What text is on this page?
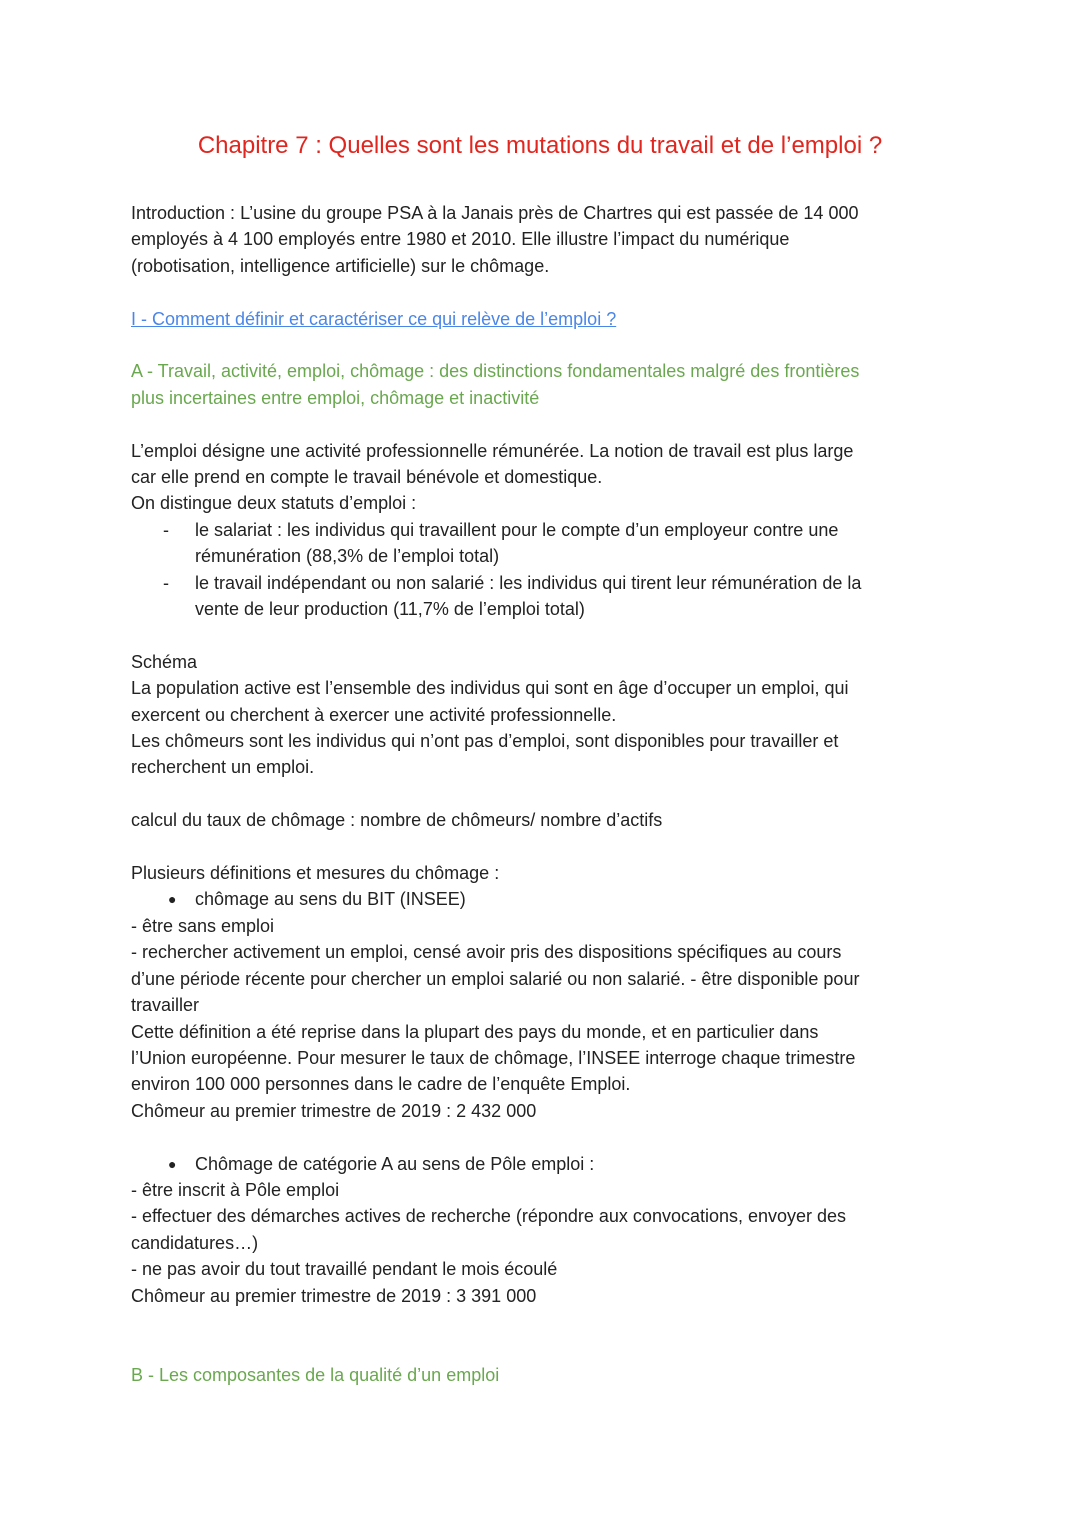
Chapitre 7 : Quelles sont les mutations du travail et de l’emploi ?

Introduction : L’usine du groupe PSA à la Janais près de Chartres qui est passée de 14 000

employés à 4 100 employés entre 1980 et 2010. Elle illustre l’impact du numérique

(robotisation, intelligence artificielle) sur le chômage.

I - Comment définir et caractériser ce qui relève de l’emploi ?

A - Travail, activité, emploi, chômage : des distinctions fondamentales malgré des frontières

plus incertaines entre emploi, chômage et inactivité

L’emploi désigne une activité professionnelle rémunérée. La notion de travail est plus large

car elle prend en compte le travail bénévole et domestique.

On distingue deux statuts d’emploi :

- le salariat : les individus qui travaillent pour le compte d’un employeur contre une
rémunération (88,3% de l’emploi total)
- le travail indépendant ou non salarié : les individus qui tirent leur rémunération de la
vente de leur production (11,7% de l’emploi total)

Schéma

La population active est l’ensemble des individus qui sont en âge d’occuper un emploi, qui

exercent ou cherchent à exercer une activité professionnelle.

Les chômeurs sont les individus qui n’ont pas d’emploi, sont disponibles pour travailler et

recherchent un emploi.

calcul du taux de chômage : nombre de chômeurs/ nombre d’actifs

Plusieurs définitions et mesures du chômage :

● chômage au sens du BIT (INSEE)

- être sans emploi

- rechercher activement un emploi, censé avoir pris des dispositions spécifiques au cours

d’une période récente pour chercher un emploi salarié ou non salarié. - être disponible pour

travailler

Cette définition a été reprise dans la plupart des pays du monde, et en particulier dans

l’Union européenne. Pour mesurer le taux de chômage, l’INSEE interroge chaque trimestre

environ 100 000 personnes dans le cadre de l’enquête Emploi.

Chômeur au premier trimestre de 2019 : 2 432 000

● Chômage de catégorie A au sens de Pôle emploi :

- être inscrit à Pôle emploi

- effectuer des démarches actives de recherche (répondre aux convocations, envoyer des

candidatures…)

- ne pas avoir du tout travaillé pendant le mois écoulé

Chômeur au premier trimestre de 2019 : 3 391 000

B - Les composantes de la qualité d’un emploi
